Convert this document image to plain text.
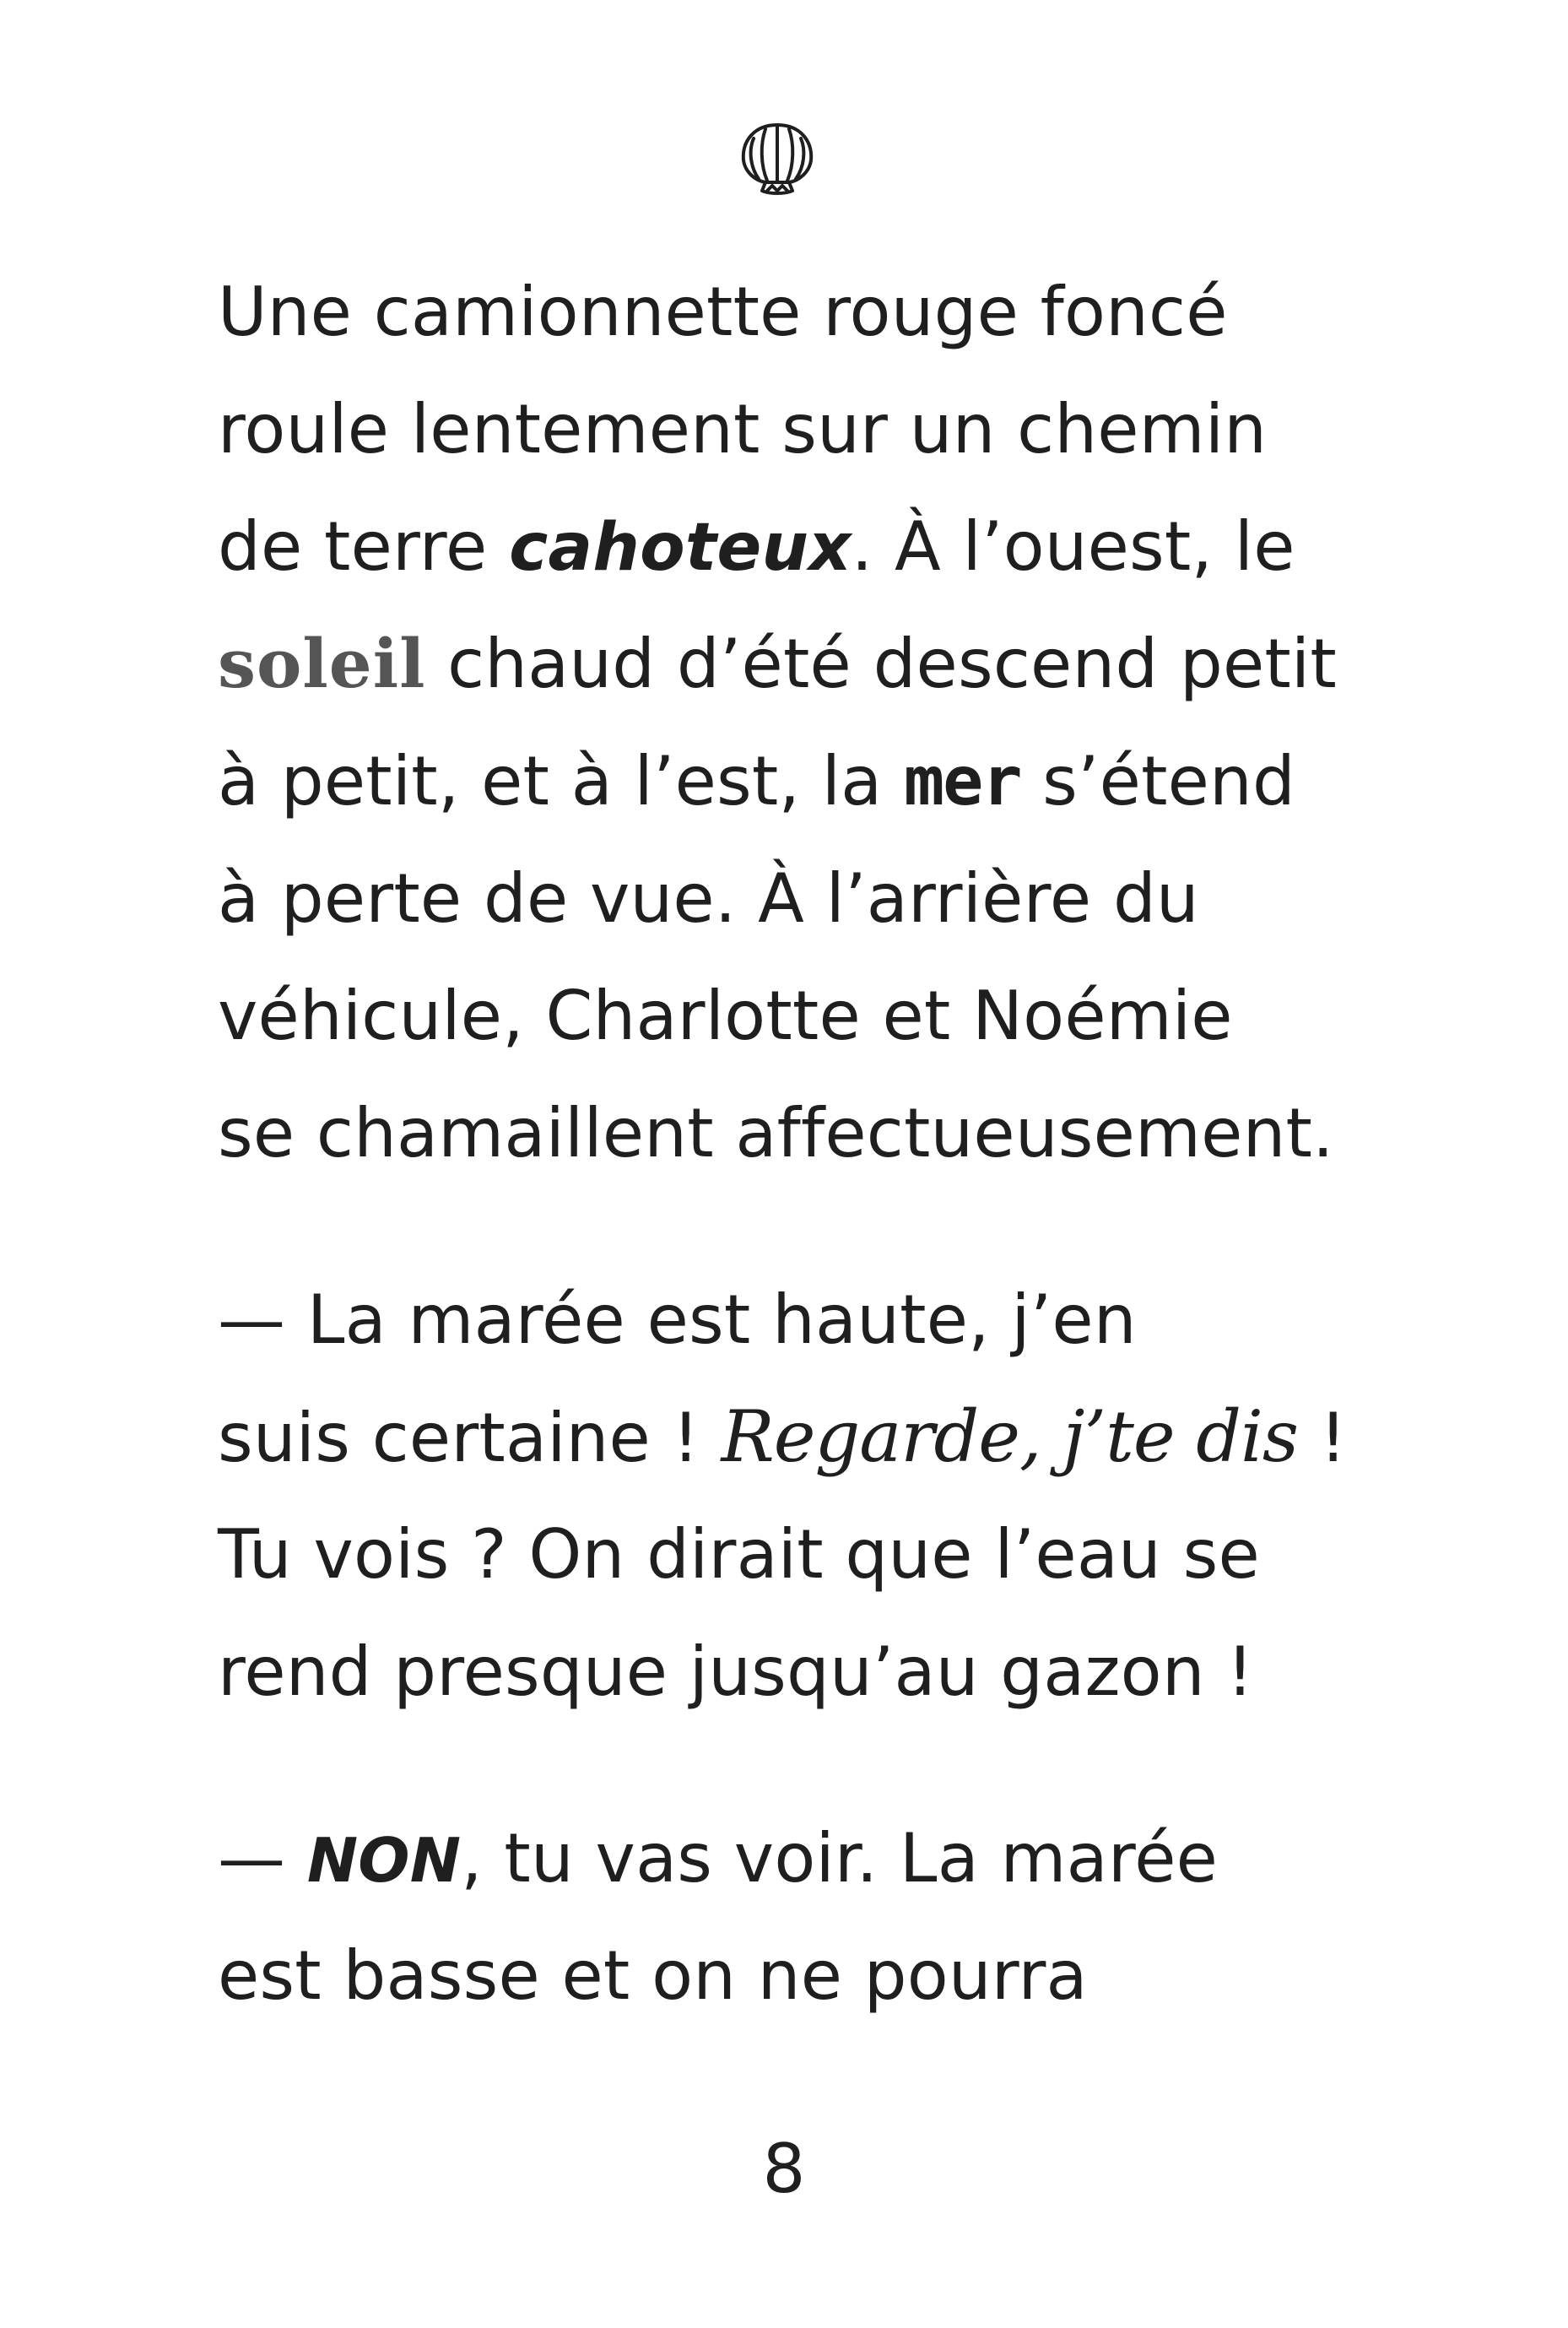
Une camionnette rouge foncé
roule lentement sur un chemin
de terre cahoteux. À l’ouest, le
soleil chaud d’été descend petit
à petit, et à l’est, la mer s’étend
à perte de vue. À l’arrière du
véhicule, Charlotte et Noémie
se chamaillent affectueusement.
— La marée est haute, j’en
suis certaine ! Regarde, j’te dis !
Tu vois ? On dirait que l’eau se
rend presque jusqu’au gazon !
— NON, tu vas voir. La marée
est basse et on ne pourra
8
